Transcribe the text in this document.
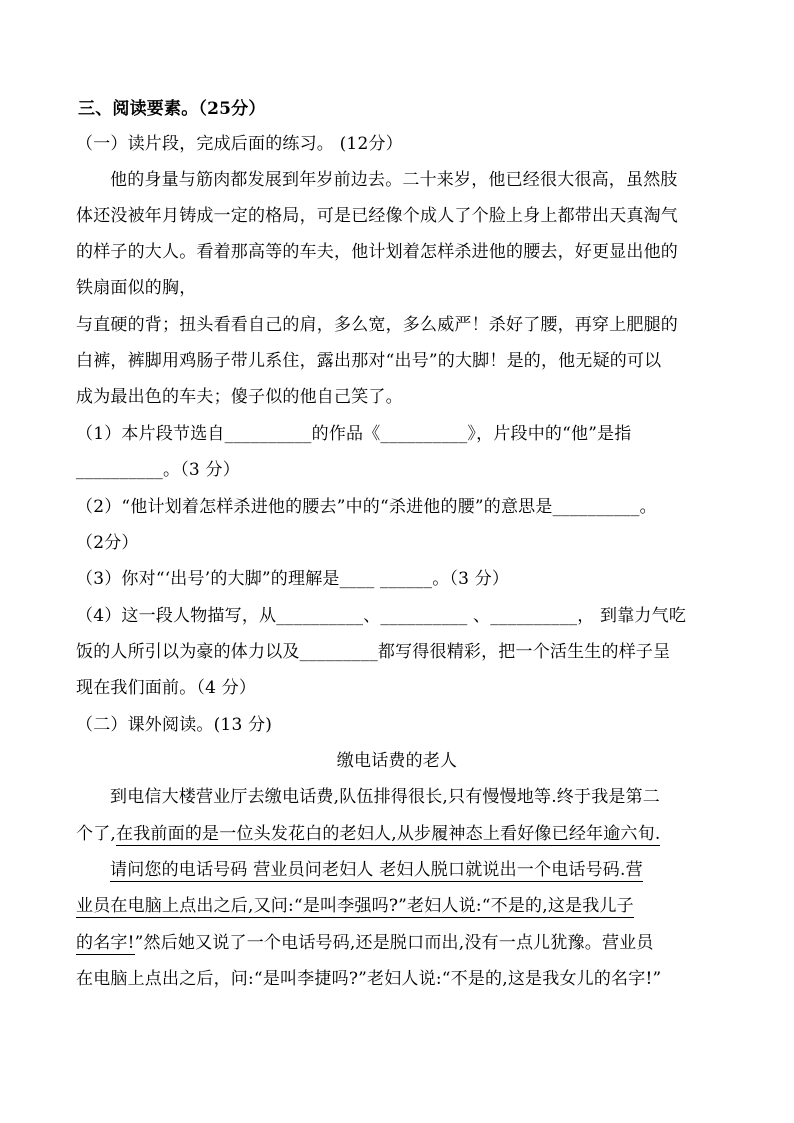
三、阅读要素。（25分）
（一）读片段，完成后面的练习。 (12分）
他的身量与筋肉都发展到年岁前边去。二十来岁，他已经很大很高，虽然肢
体还没被年月铸成一定的格局，可是已经像个成人了个脸上身上都带出天真淘气
的样子的大人。看着那高等的车夫，他计划着怎样杀进他的腰去，好更显出他的
铁扇面似的胸，
与直硬的背；扭头看看自己的肩，多么宽，多么威严！杀好了腰，再穿上肥腿的
白裤，裤脚用鸡肠子带儿系住，露出那对“出号”的大脚！是的，他无疑的可以
成为最出色的车夫；傻子似的他自己笑了。
（1）本片段节选自__________的作品《__________》，片段中的“他”是指
__________。（3 分）
（2）“他计划着怎样杀进他的腰去”中的“杀进他的腰”的意思是__________。
（2分）
（3）你对“‘出号’的大脚”的理解是____ ______。（3 分）
（4）这一段人物描写，从__________、__________ 、__________， 到靠力气吃
饭的人所引以为豪的体力以及_________都写得很精彩，把一个活生生的样子呈
现在我们面前。（4 分）
（二）课外阅读。(13 分)
缴电话费的老人
到电信大楼营业厅去缴电话费,队伍排得很长,只有慢慢地等.终于我是第二
个了,在我前面的是一位头发花白的老妇人,从步履神态上看好像已经年逾六旬.
请问您的电话号码 营业员问老妇人 老妇人脱口就说出一个电话号码.营
业员在电脑上点出之后,又问:“是叫李强吗?”老妇人说:“不是的,这是我儿子
的名字!”然后她又说了一个电话号码,还是脱口而出,没有一点儿犹豫。营业员
在电脑上点出之后，问:“是叫李捷吗?”老妇人说:“不是的,这是我女儿的名字!”
